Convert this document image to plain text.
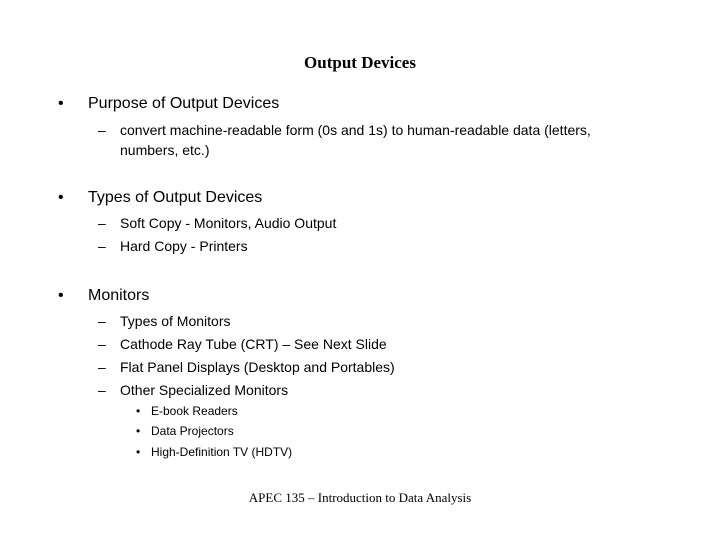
Output Devices
• Purpose of Output Devices
– convert machine-readable form (0s and 1s) to human-readable data (letters,
numbers, etc.)
• Types of Output Devices
– Soft Copy - Monitors, Audio Output
– Hard Copy - Printers
• Monitors
– Types of Monitors
– Cathode Ray Tube (CRT) – See Next Slide
– Flat Panel Displays (Desktop and Portables)
– Other Specialized Monitors
• E-book Readers
• Data Projectors
• High-Definition TV (HDTV)
APEC 135 – Introduction to Data Analysis
